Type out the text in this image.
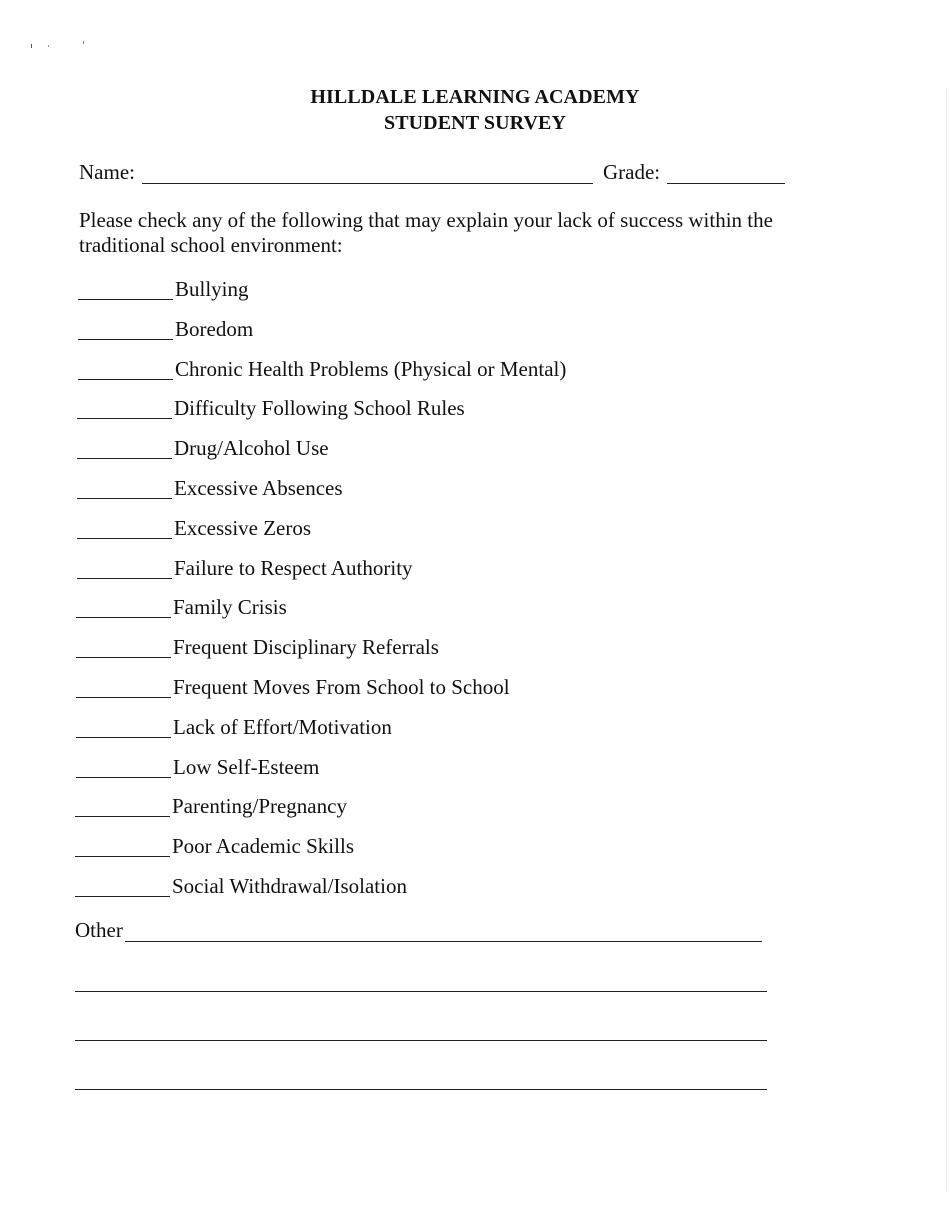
HILLDALE LEARNING ACADEMY
STUDENT SURVEY
Name:	Grade:
Please check any of the following that may explain your lack of success within the traditional school environment:
Bullying
Boredom
Chronic Health Problems (Physical or Mental)
Difficulty Following School Rules
Drug/Alcohol Use
Excessive Absences
Excessive Zeros
Failure to Respect Authority
Family Crisis
Frequent Disciplinary Referrals
Frequent Moves From School to School
Lack of Effort/Motivation
Low Self-Esteem
Parenting/Pregnancy
Poor Academic Skills
Social Withdrawal/Isolation
Other
